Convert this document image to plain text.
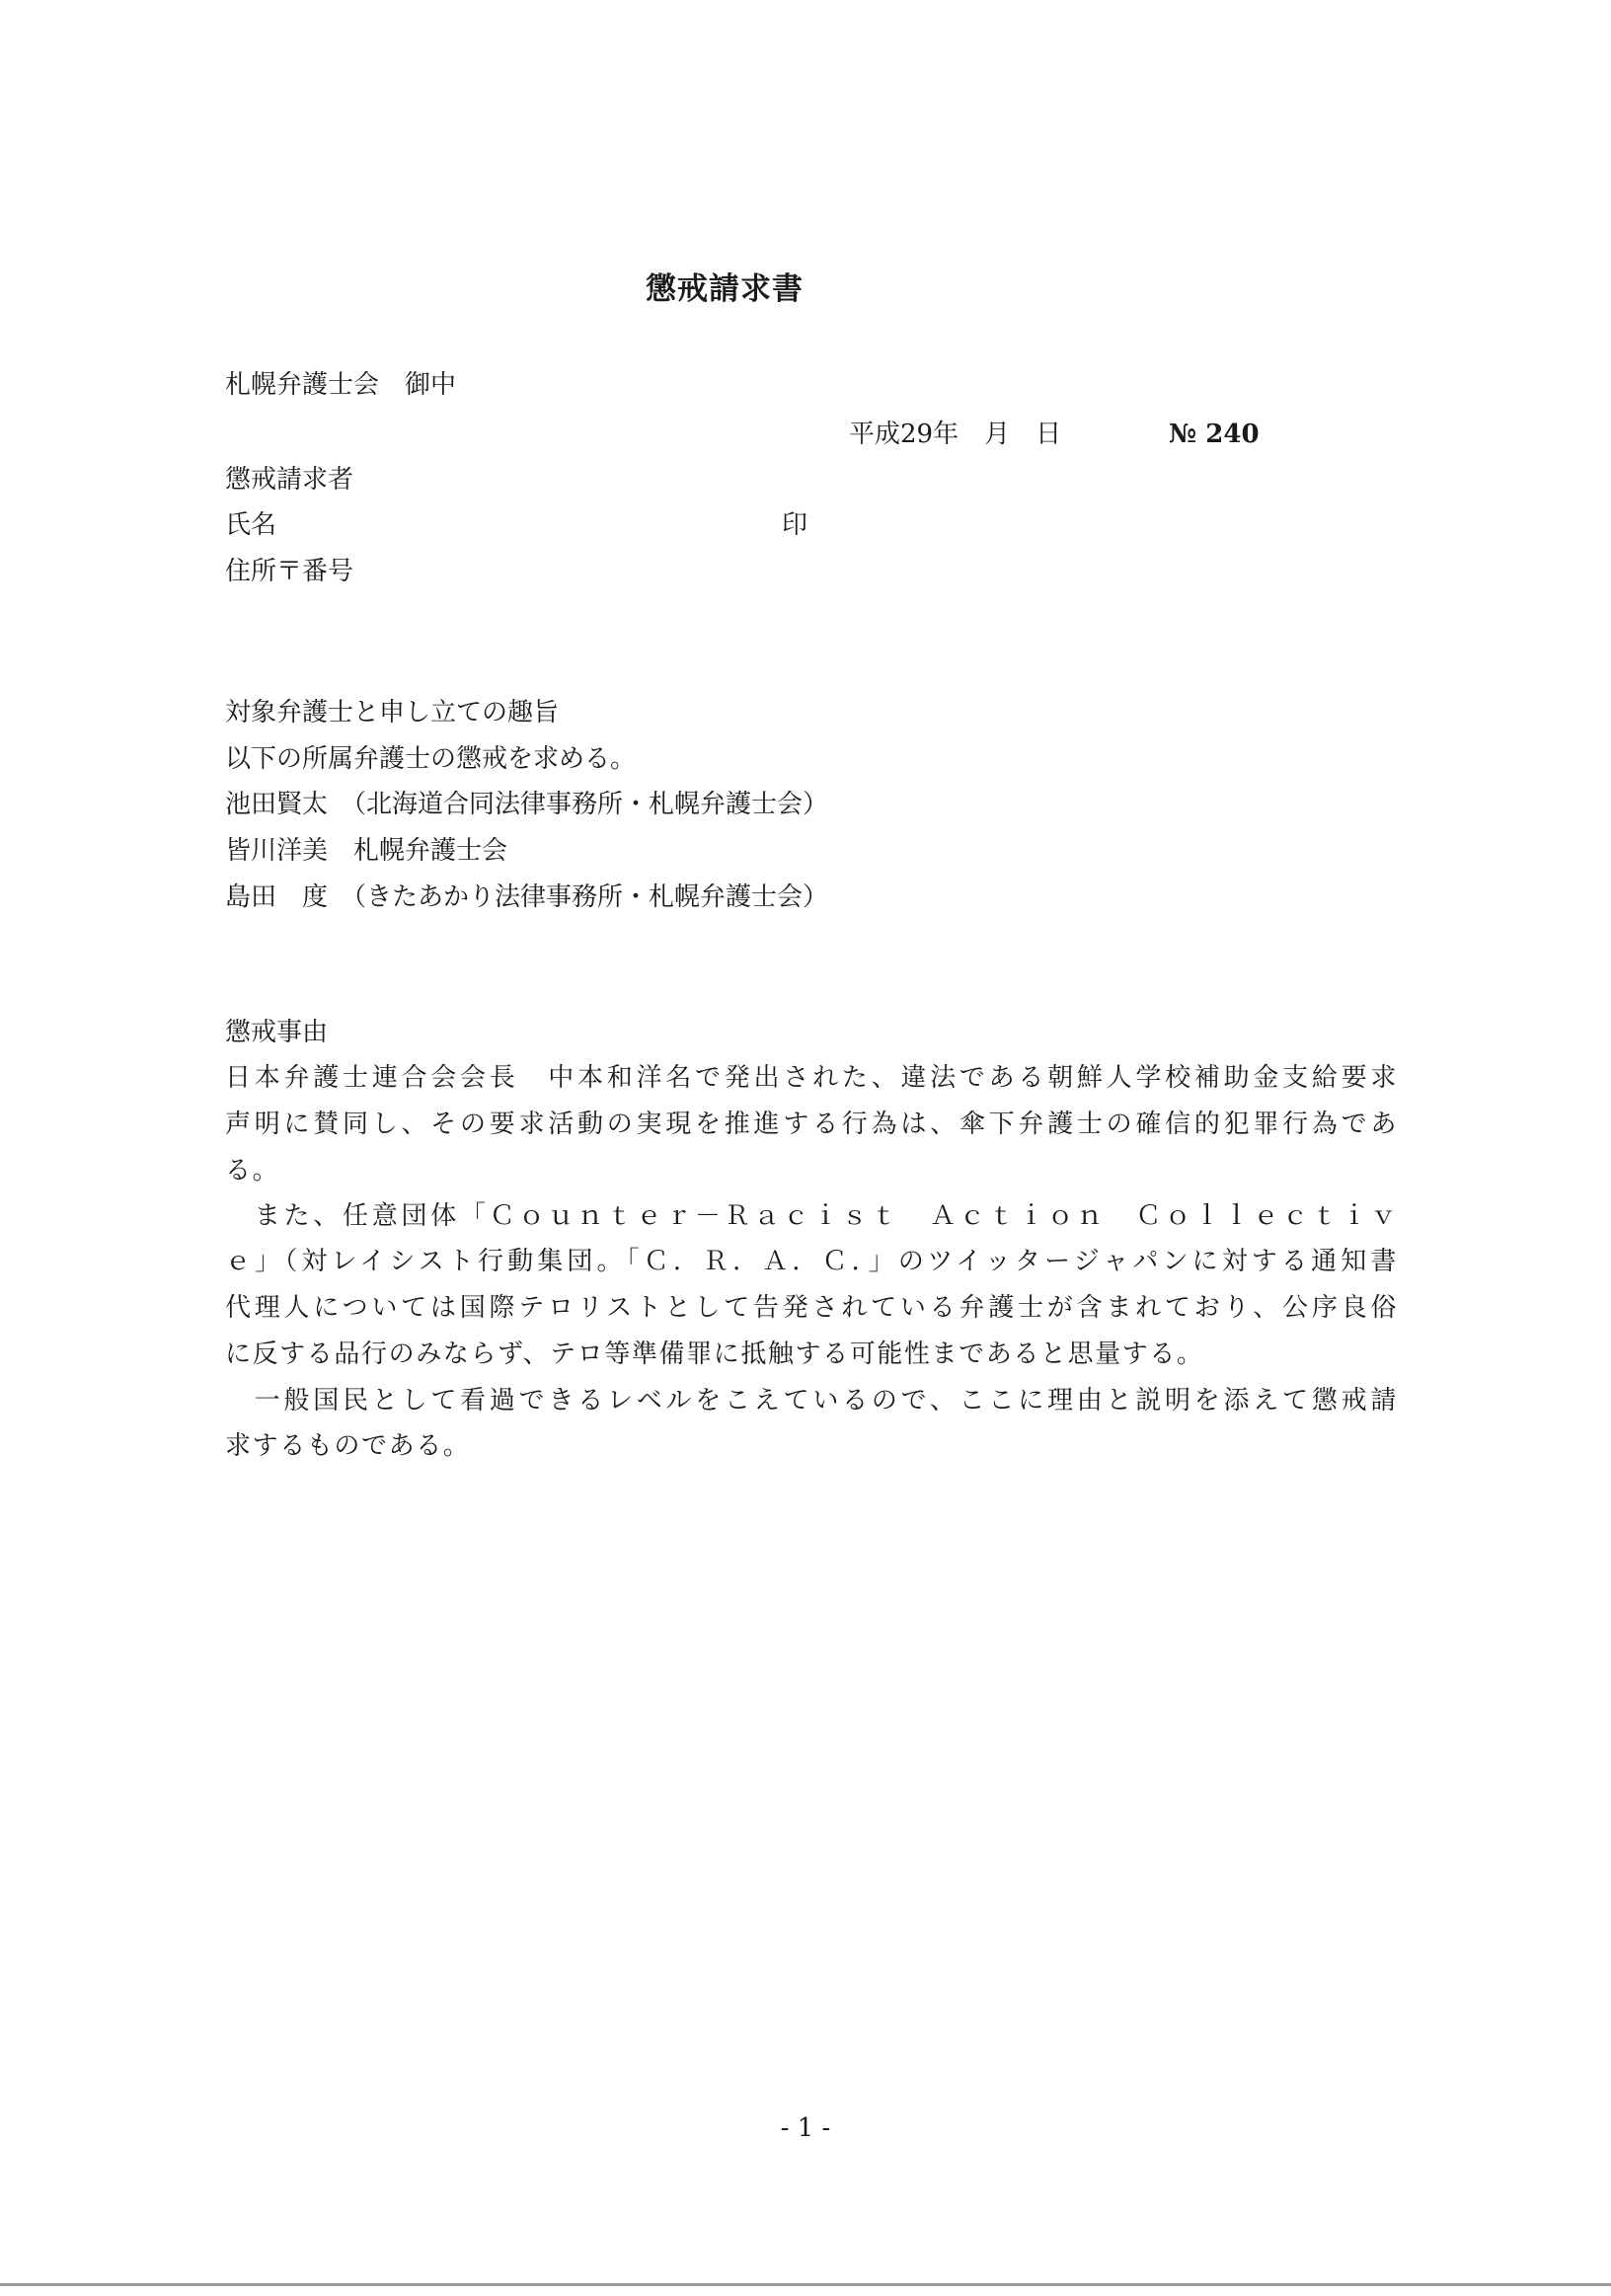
懲戒請求書
札幌弁護士会　御中
平成29年　月　日	№ 240
懲戒請求者
氏名	印
住所〒番号
対象弁護士と申し立ての趣旨
以下の所属弁護士の懲戒を求める。
池田賢太　（北海道合同法律事務所・札幌弁護士会）
皆川洋美　札幌弁護士会
島田　度　（きたあかり法律事務所・札幌弁護士会）
懲戒事由
日本弁護士連合会会長　中本和洋名で発出された、違法である朝鮮人学校補助金支給要求
声明に賛同し、その要求活動の実現を推進する行為は、傘下弁護士の確信的犯罪行為であ
る。
　また、任意団体「Ｃｏｕｎｔｅｒ－Ｒａｃｉｓｔ　Ａｃｔｉｏｎ　Ｃｏｌｌｅｃｔｉｖ
ｅ」（対レイシスト行動集団。「Ｃ．Ｒ．Ａ．Ｃ．」のツイッタージャパンに対する通知書
代理人については国際テロリストとして告発されている弁護士が含まれており、公序良俗
に反する品行のみならず、テロ等準備罪に抵触する可能性まであると思量する。
　一般国民として看過できるレベルをこえているので、ここに理由と説明を添えて懲戒請
求するものである。
- 1 -
